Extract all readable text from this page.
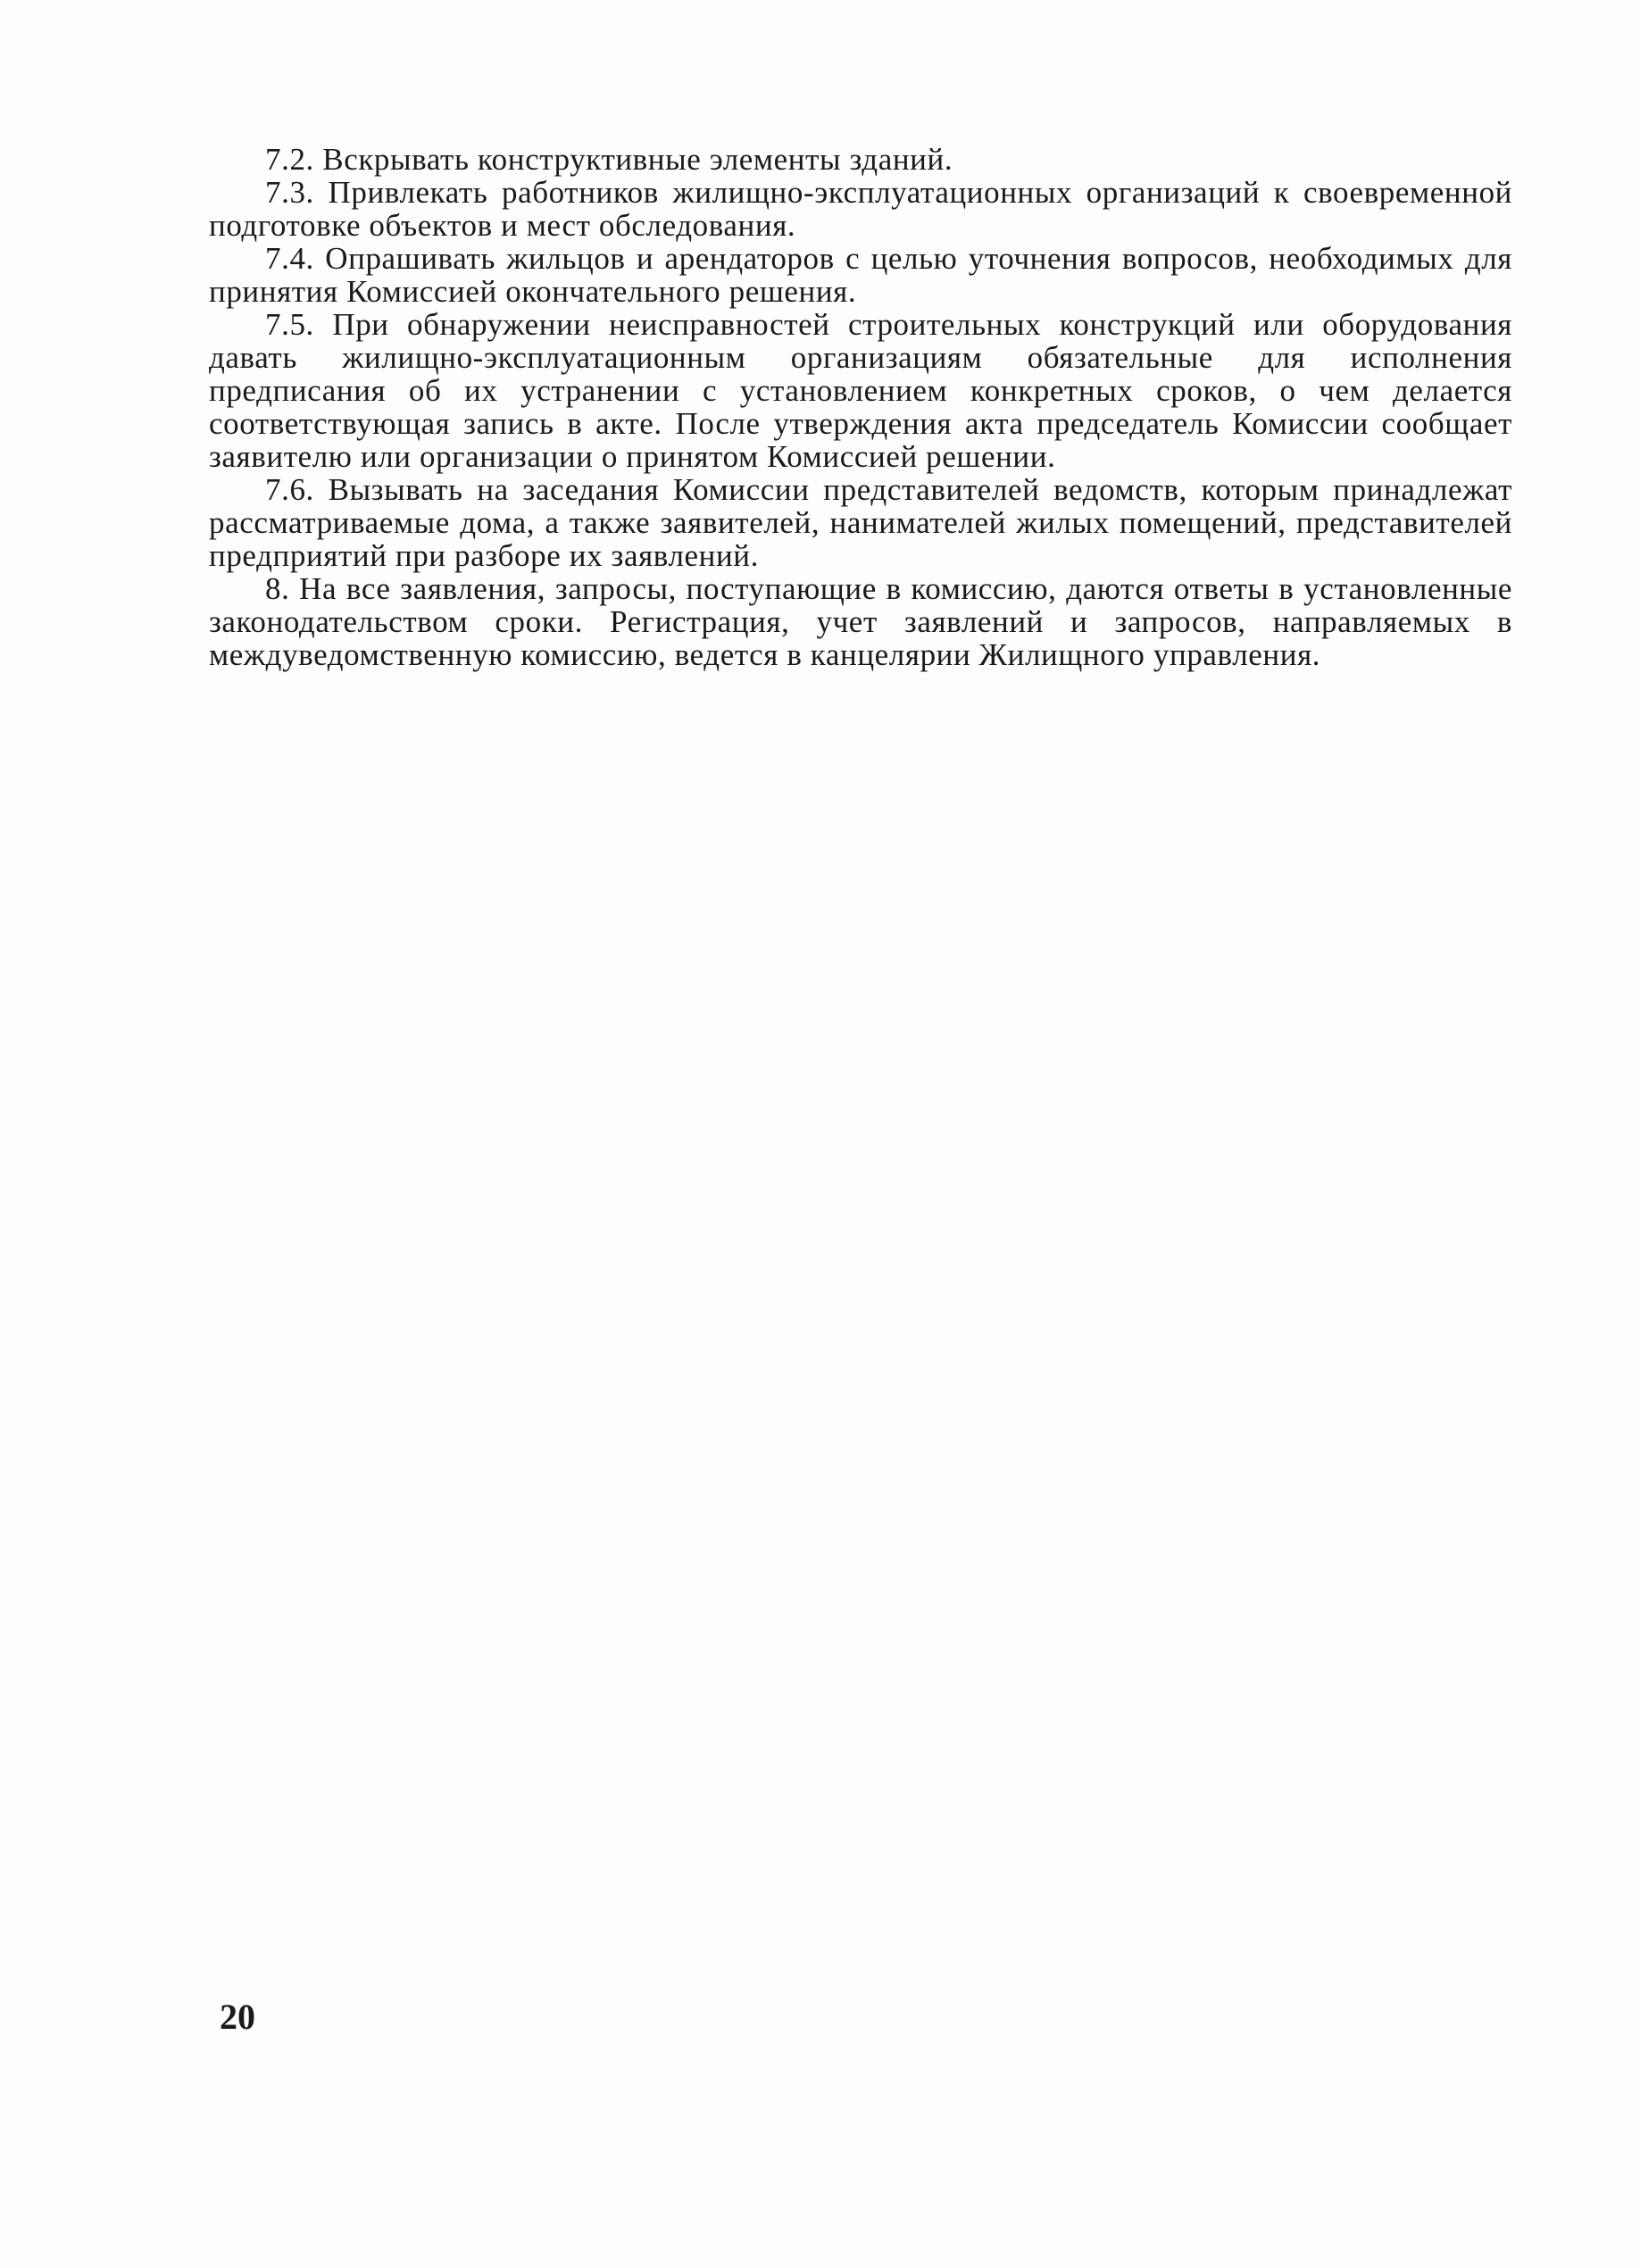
7.2. Вскрывать конструктивные элементы зданий.

7.3. Привлекать работников жилищно-эксплуатационных организаций к своевременной подготовке объектов и мест обследования.

7.4. Опрашивать жильцов и арендаторов с целью уточнения вопросов, необходимых для принятия Комиссией окончательного решения.

7.5. При обнаружении неисправностей строительных конструкций или оборудования давать жилищно-эксплуатационным организациям обязательные для исполнения предписания об их устранении с установлением конкретных сроков, о чем делается соответствующая запись в акте. После утверждения акта председатель Комиссии сообщает заявителю или организации о принятом Комиссией решении.

7.6. Вызывать на заседания Комиссии представителей ведомств, которым принадлежат рассматриваемые дома, а также заявителей, нанимателей жилых помещений, представителей предприятий при разборе их заявлений.

8. На все заявления, запросы, поступающие в комиссию, даются ответы в установленные законодательством сроки. Регистрация, учет заявлений и запросов, направляемых в междуведомственную комиссию, ведется в канцелярии Жилищного управления.

20
